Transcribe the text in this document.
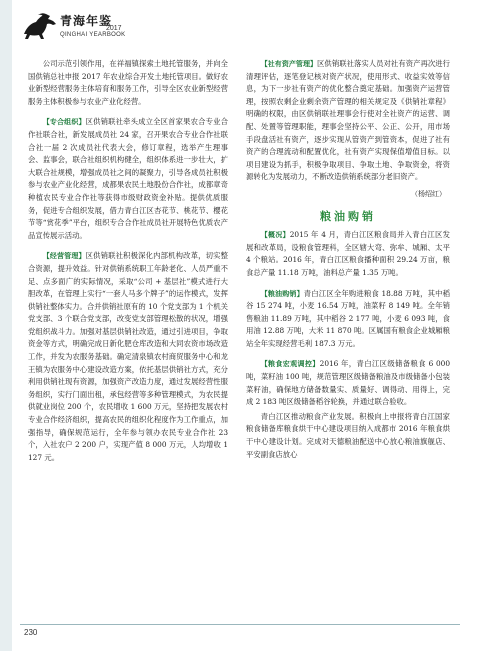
青海年鉴
2017
QINGHAI YEARBOOK

公司示范引领作用，在祥福镇探索土地托管服务，并向全国供销总社申报 2017 年农业综合开发土地托管项目。做好农业新型经营服务主体培育和服务工作，引导全区农业新型经营服务主体积极参与农业产业化经营。

【专合组织】区供销联社牵头成立全区首家果农合专业合作社联合社，新发展成员社 24 家，召开果农合专业合作社联合社一届 2 次成员社代表大会，修订章程，选举产生理事会、监事会，联合社组织机构健全，组织体系进一步壮大，扩大联合社规模，增强成员社之间的凝聚力，引导各成员社积极参与农业产业化经营，成都果农民土地股份合作社，成都章奇种植农民专业合作社等获得市级财政资金补贴。提供优质服务，促进专合组织发展，借力青白江区杏花节、桃花节、樱花节等“赏花季”平台，组织专合合作社成员社开展特色优质农产品宣传展示活动。

【经营管理】区供销联社积极深化内部机构改革，切实整合资源，提升效益。针对供销系统职工年龄老化、人员严重不足、点多面广的实际情况，采取“公司 + 基层社”模式进行大胆改革，在管理上实行“一套人马多个牌子”的运作模式，发挥供销社整体实力。合并供销社原有的 10 个党支部为 1 个机关党支部、3 个联合党支部，改变党支部管理松散的状况，增强党组织战斗力。加强对基层供销社改造，通过引进项目，争取资金等方式，明确完成日新化肥仓库改造和大同农资市场改造工作，并发为农服务基础。确定清泉镇农村商贸服务中心和龙王镇为农服务中心建设改造方案，依托基层供销社方式，充分利用供销社现有资源，加强资产改造力度，通过发展经营性服务组织，实行门面出租，承包经营等多种管理模式，为农民提供就业岗位 200 个，农民增收 1 600 万元，坚持把发展农村专业合作经济组织，提高农民的组织化程度作为工作重点，加强指导，确保规范运行，全年参与领办农民专业合作社 23 个，入社农户 2 200 户，实现产值 8 000 万元，人均增收 1 127 元。

【社有资产管理】区供销联社落实人员对社有资产再次进行清理评估，逐笔登记核对资产状况，使用形式、收益实效等信息，为下一步社有资产的优化整合奠定基础。加强资产运营管理，按照农剩企业剩余资产管理的相关规定及《供销社章程》明确的权限，由区供销联社理事会行使对全社资产的运营、调配、处置等管理职能，理事会坚持公平、公正、公开，用市场手段盘活社有资产，逐步实现从管资产到管资本，促进了社有资产的合理流动和配置优化，社有资产实现保值增值目标。以项目建设为抓手，积极争取项目、争取土地、争取资金，将资源转化为发展动力，不断改造供销系统部分老旧资产。

（杨绍红）
粮油购销

【概况】2015 年 4 月，青白江区粮食局并入青白江区发展和改革局，设粮食管理科，全区辖大弯、弥牟、城厢、太平 4 个粮站。2016 年，青白江区粮食播种面积 29.24 万亩，粮食总产量 11.18 万吨，油料总产量 1.35 万吨。

【粮油购销】青白江区全年购进粮食 18.88 万吨，其中稻谷 15 274 吨，小麦 16.54 万吨，油菜籽 8 149 吨。全年销售粮油 11.89 万吨，其中稻谷 2 177 吨，小麦 6 093 吨，食用油 12.88 万吨，大米 11 870 吨。区属国有粮食企业城厢粮站全年实现经营毛利 187.3 万元。

【粮食宏观调控】2016 年，青白江区级储备粮食 6 000 吨，菜籽油 100 吨，规范管理区级储备粮油及市级储备小包装菜籽油，确保地方储备数量实、质量好、调得动、用得上，完成 2 183 吨区级储备稻谷轮换，并通过联合验收。

青白江区推动粮食产业发展。积极向上申报将青白江国家粮食储备库粮食烘干中心建设项目纳入成都市 2016 年粮食烘干中心建设计划。完成对天德粮油配送中心放心粮油旗舰店、平安副食店放心

230
